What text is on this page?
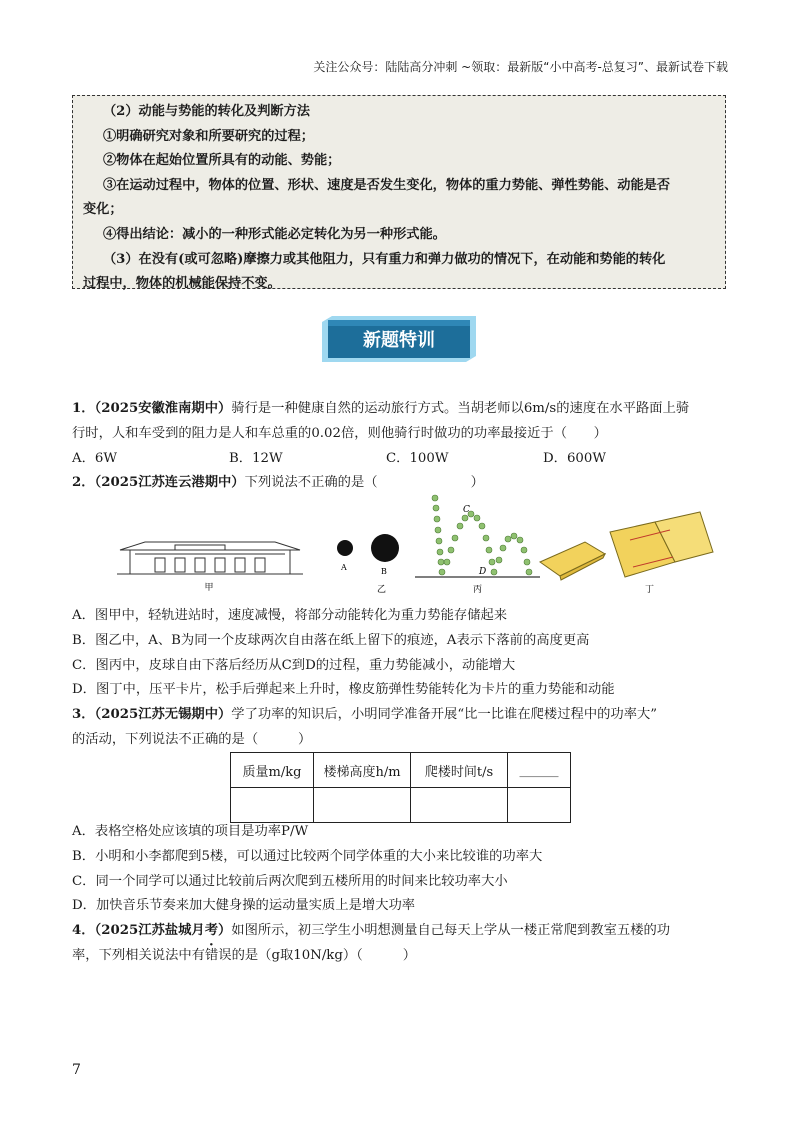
关注公众号：陆陆高分冲刺 ~领取：最新版“小中高考-总复习”、最新试卷下载

（2）动能与势能的转化及判断方法

①明确研究对象和所要研究的过程；

②物体在起始位置所具有的动能、势能；

③在运动过程中，物体的位置、形状、速度是否发生变化，物体的重力势能、弹性势能、动能是否

变化；

④得出结论：减小的一种形式能必定转化为另一种形式能。

（3）在没有(或可忽略)摩擦力或其他阻力，只有重力和弹力做功的情况下，在动能和势能的转化

过程中，物体的机械能保持不变。

新题特训

1．（2025安徽淮南期中）骑行是一种健康自然的运动旅行方式。当胡老师以6m/s的速度在水平路面上骑

行时，人和车受到的阻力是人和车总重的0.02倍，则他骑行时做功的功率最接近于（　　）

A．6W	B．12W	C．100W	D．600W

2．（2025江苏连云港期中）下列说法不正确的是（　　　　　　　）

甲
A	B
乙
C
D
丙	丁

A．图甲中，轻轨进站时，速度减慢，将部分动能转化为重力势能存储起来

B．图乙中，A、B为同一个皮球两次自由落在纸上留下的痕迹，A表示下落前的高度更高

C．图丙中，皮球自由下落后经历从C到D的过程，重力势能减小，动能增大

D．图丁中，压平卡片，松手后弹起来上升时，橡皮筋弹性势能转化为卡片的重力势能和动能

3．（2025江苏无锡期中）学了功率的知识后，小明同学准备开展“比一比谁在爬楼过程中的功率大”

的活动，下列说法不正确的是（　　　）

质量m/kg	楼梯高度h/m	爬楼时间t/s	______

A．表格空格处应该填的项目是功率P/W

B．小明和小李都爬到5楼，可以通过比较两个同学体重的大小来比较谁的功率大

C．同一个同学可以通过比较前后两次爬到五楼所用的时间来比较功率大小

D．加快音乐节奏来加大健身操的运动量实质上是增大功率

4．（2025江苏盐城月考）如图所示，初三学生小明想测量自己每天上学从一楼正常爬到教室五楼的功

率，下列相关说法中有错误的是（g取10N/kg）（　　　）

7
